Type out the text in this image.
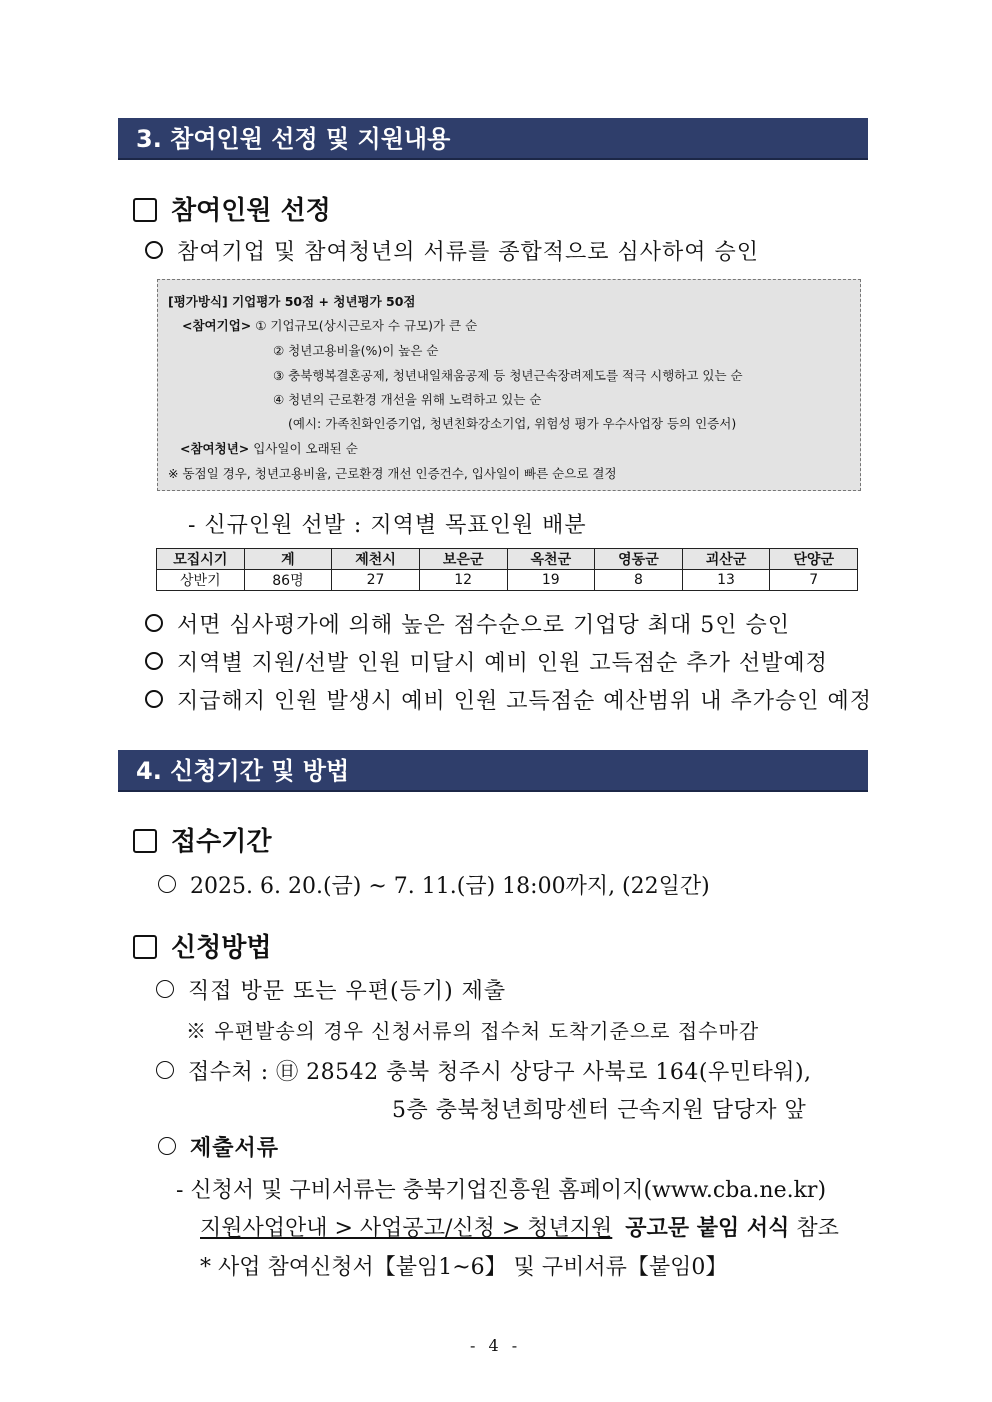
3. 참여인원 선정 및 지원내용
참여인원 선정
참여기업 및 참여청년의 서류를 종합적으로 심사하여 승인
[평가방식] 기업평가 50점 + 청년평가 50점
<참여기업> ① 기업규모(상시근로자 수 규모)가 큰 순
② 청년고용비율(%)이 높은 순
③ 충북행복결혼공제, 청년내일채움공제 등 청년근속장려제도를 적극 시행하고 있는 순
④ 청년의 근로환경 개선을 위해 노력하고 있는 순
(예시: 가족친화인증기업, 청년친화강소기업, 위험성 평가 우수사업장 등의 인증서)
<참여청년> 입사일이 오래된 순
※ 동점일 경우, 청년고용비율, 근로환경 개선 인증건수, 입사일이 빠른 순으로 결정
- 신규인원 선발 : 지역별 목표인원 배분
모집시기	계	제천시	보은군	옥천군	영동군	괴산군	단양군
상반기	86명	27	12	19	8	13	7
서면 심사평가에 의해 높은 점수순으로 기업당 최대 5인 승인
지역별 지원/선발 인원 미달시 예비 인원 고득점순 추가 선발예정
지급해지 인원 발생시 예비 인원 고득점순 예산범위 내 추가승인 예정
4. 신청기간 및 방법
접수기간
2025. 6. 20.(금) ~ 7. 11.(금) 18:00까지, (22일간)
신청방법
직접 방문 또는 우편(등기) 제출
※ 우편발송의 경우 신청서류의 접수처 도착기준으로 접수마감
접수처 : ㊐ 28542 충북 청주시 상당구 사북로 164(우민타워),
5층 충북청년희망센터 근속지원 담당자 앞
제출서류
- 신청서 및 구비서류는 충북기업진흥원 홈페이지(www.cba.ne.kr)
지원사업안내 > 사업공고/신청 > 청년지원 공고문 붙임 서식 참조
* 사업 참여신청서【붙임1~6】 및 구비서류【붙임0】
- 4 -
